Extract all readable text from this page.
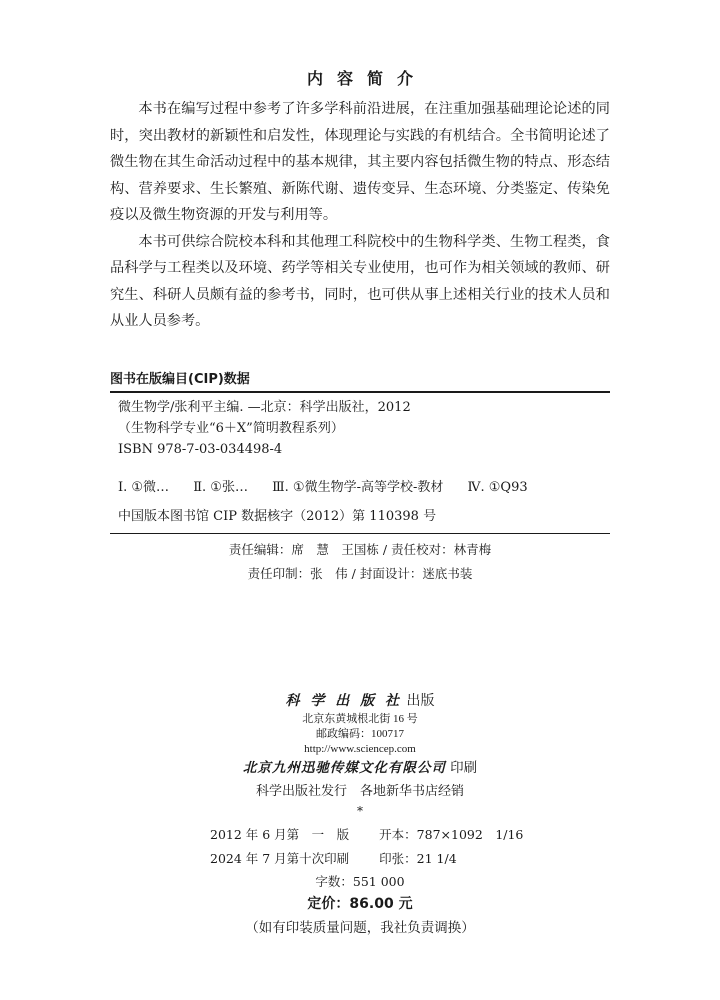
内容简介

本书在编写过程中参考了许多学科前沿进展，在注重加强基础理论论述的同时，突出教材的新颖性和启发性，体现理论与实践的有机结合。全书简明论述了微生物在其生命活动过程中的基本规律，其主要内容包括微生物的特点、形态结构、营养要求、生长繁殖、新陈代谢、遗传变异、生态环境、分类鉴定、传染免疫以及微生物资源的开发与利用等。

本书可供综合院校本科和其他理工科院校中的生物科学类、生物工程类，食品科学与工程类以及环境、药学等相关专业使用，也可作为相关领域的教师、研究生、科研人员颇有益的参考书，同时，也可供从事上述相关行业的技术人员和从业人员参考。

图书在版编目(CIP)数据
微生物学/张利平主编. —北京：科学出版社，2012
（生物科学专业“6＋X”简明教程系列）
ISBN 978-7-03-034498-4
Ⅰ. ①微… Ⅱ. ①张… Ⅲ. ①微生物学-高等学校-教材 Ⅳ. ①Q93
中国版本图书馆 CIP 数据核字（2012）第 110398 号
责任编辑：席　慧　王国栋 / 责任校对：林青梅
责任印制：张　伟 / 封面设计：迷底书装
科 学 出 版 社 出版
北京东黄城根北街 16 号
邮政编码：100717
http://www.sciencep.com
北京九州迅驰传媒文化有限公司 印刷
科学出版社发行　各地新华书店经销
*
2012 年 6 月第　一　版 开本：787×1092　1/16
2024 年 7 月第十次印刷 印张：21 1/4
字数：551 000
定价：86.00 元
（如有印装质量问题，我社负责调换）
